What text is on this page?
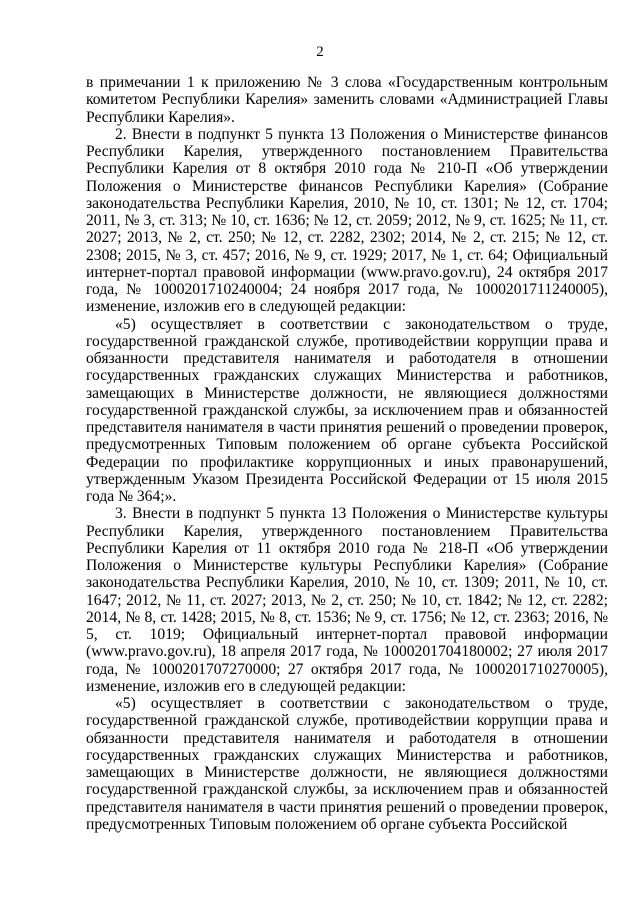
2

в примечании 1 к приложению № 3 слова «Государственным контрольным комитетом Республики Карелия» заменить словами «Администрацией Главы Республики Карелия».

2. Внести в подпункт 5 пункта 13 Положения о Министерстве финансов Республики Карелия, утвержденного постановлением Правительства Республики Карелия от 8 октября 2010 года № 210-П «Об утверждении Положения о Министерстве финансов Республики Карелия» (Собрание законодательства Республики Карелия, 2010, № 10, ст. 1301; № 12, ст. 1704; 2011, № 3, ст. 313; № 10, ст. 1636; № 12, ст. 2059; 2012, № 9, ст. 1625; № 11, ст. 2027; 2013, № 2, ст. 250; № 12, ст. 2282, 2302; 2014, № 2, ст. 215; № 12, ст. 2308; 2015, № 3, ст. 457; 2016, № 9, ст. 1929; 2017, № 1, ст. 64; Официальный интернет-портал правовой информации (www.pravo.gov.ru), 24 октября 2017 года, № 1000201710240004; 24 ноября 2017 года, № 1000201711240005), изменение, изложив его в следующей редакции:

«5) осуществляет в соответствии с законодательством о труде, государственной гражданской службе, противодействии коррупции права и обязанности представителя нанимателя и работодателя в отношении государственных гражданских служащих Министерства и работников, замещающих в Министерстве должности, не являющиеся должностями государственной гражданской службы, за исключением прав и обязанностей представителя нанимателя в части принятия решений о проведении проверок, предусмотренных Типовым положением об органе субъекта Российской Федерации по профилактике коррупционных и иных правонарушений, утвержденным Указом Президента Российской Федерации от 15 июля 2015 года № 364;».

3. Внести в подпункт 5 пункта 13 Положения о Министерстве культуры Республики Карелия, утвержденного постановлением Правительства Республики Карелия от 11 октября 2010 года № 218-П «Об утверждении Положения о Министерстве культуры Республики Карелия» (Собрание законодательства Республики Карелия, 2010, № 10, ст. 1309; 2011, № 10, ст. 1647; 2012, № 11, ст. 2027; 2013, № 2, ст. 250; № 10, ст. 1842; № 12, ст. 2282; 2014, № 8, ст. 1428; 2015, № 8, ст. 1536; № 9, ст. 1756; № 12, ст. 2363; 2016, № 5, ст. 1019; Официальный интернет-портал правовой информации (www.pravo.gov.ru), 18 апреля 2017 года, № 1000201704180002; 27 июля 2017 года, № 1000201707270000; 27 октября 2017 года, № 1000201710270005), изменение, изложив его в следующей редакции:

«5) осуществляет в соответствии с законодательством о труде, государственной гражданской службе, противодействии коррупции права и обязанности представителя нанимателя и работодателя в отношении государственных гражданских служащих Министерства и работников, замещающих в Министерстве должности, не являющиеся должностями государственной гражданской службы, за исключением прав и обязанностей представителя нанимателя в части принятия решений о проведении проверок, предусмотренных Типовым положением об органе субъекта Российской
